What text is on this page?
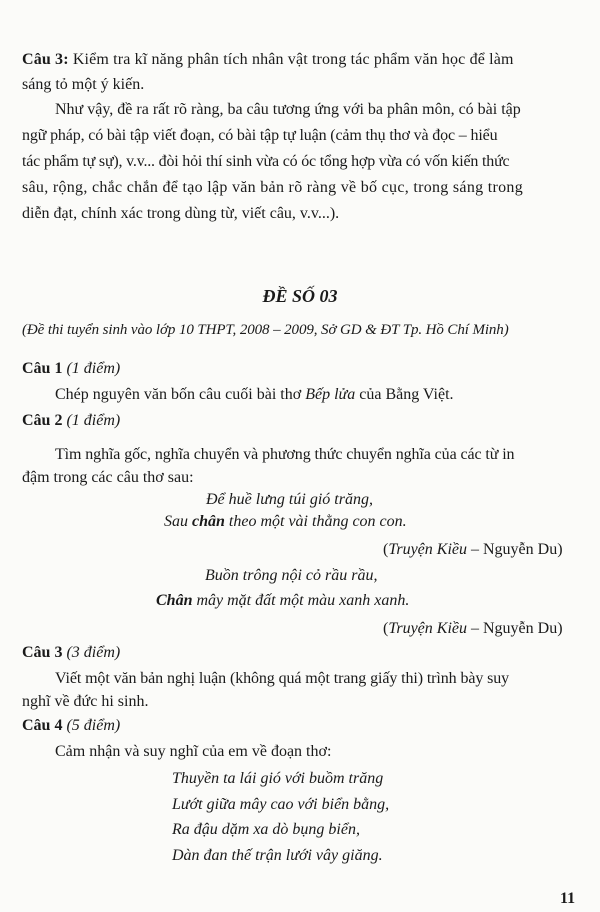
Câu 3: Kiểm tra kĩ năng phân tích nhân vật trong tác phẩm văn học để làm
sáng tỏ một ý kiến.
Như vậy, đề ra rất rõ ràng, ba câu tương ứng với ba phân môn, có bài tập
ngữ pháp, có bài tập viết đoạn, có bài tập tự luận (cảm thụ thơ và đọc – hiểu
tác phẩm tự sự), v.v... đòi hỏi thí sinh vừa có óc tổng hợp vừa có vốn kiến thức
sâu, rộng, chắc chắn để tạo lập văn bản rõ ràng về bố cục, trong sáng trong
diễn đạt, chính xác trong dùng từ, viết câu, v.v...).
ĐỀ SỐ 03
(Đề thi tuyển sinh vào lớp 10 THPT, 2008 – 2009, Sở GD & ĐT Tp. Hồ Chí Minh)
Câu 1 (1 điểm)
Chép nguyên văn bốn câu cuối bài thơ Bếp lửa của Bằng Việt.
Câu 2 (1 điểm)
Tìm nghĩa gốc, nghĩa chuyển và phương thức chuyển nghĩa của các từ in
đậm trong các câu thơ sau:
Để huề lưng túi gió trăng,
Sau chân theo một vài thằng con con.
(Truyện Kiều – Nguyễn Du)
Buồn trông nội cỏ rầu rầu,
Chân mây mặt đất một màu xanh xanh.
(Truyện Kiều – Nguyễn Du)
Câu 3 (3 điểm)
Viết một văn bản nghị luận (không quá một trang giấy thi) trình bày suy
nghĩ về đức hi sinh.
Câu 4 (5 điểm)
Cảm nhận và suy nghĩ của em về đoạn thơ:
Thuyền ta lái gió với buồm trăng
Lướt giữa mây cao với biển bằng,
Ra đậu dặm xa dò bụng biển,
Dàn đan thế trận lưới vây giăng.
11
